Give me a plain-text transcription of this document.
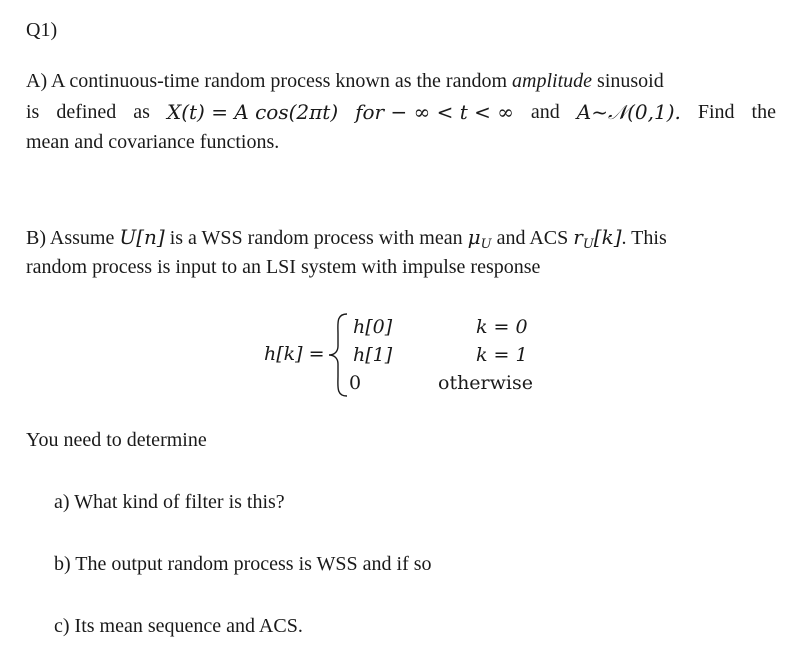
Q1)
A) A continuous-time random process known as the random amplitude sinusoid
is defined as X(t) = A cos(2πt) for − ∞ < t < ∞ and A~𝒩(0,1). Find the
mean and covariance functions.
B) Assume U[n] is a WSS random process with mean $\mu_U$ and ACS $r_U[k]$. This
random process is input to an LSI system with impulse response
h[k] =
h[0]
h[1]
0
k = 0
k = 1
otherwise
You need to determine
a) What kind of filter is this?
b) The output random process is WSS and if so
c) Its mean sequence and ACS.
